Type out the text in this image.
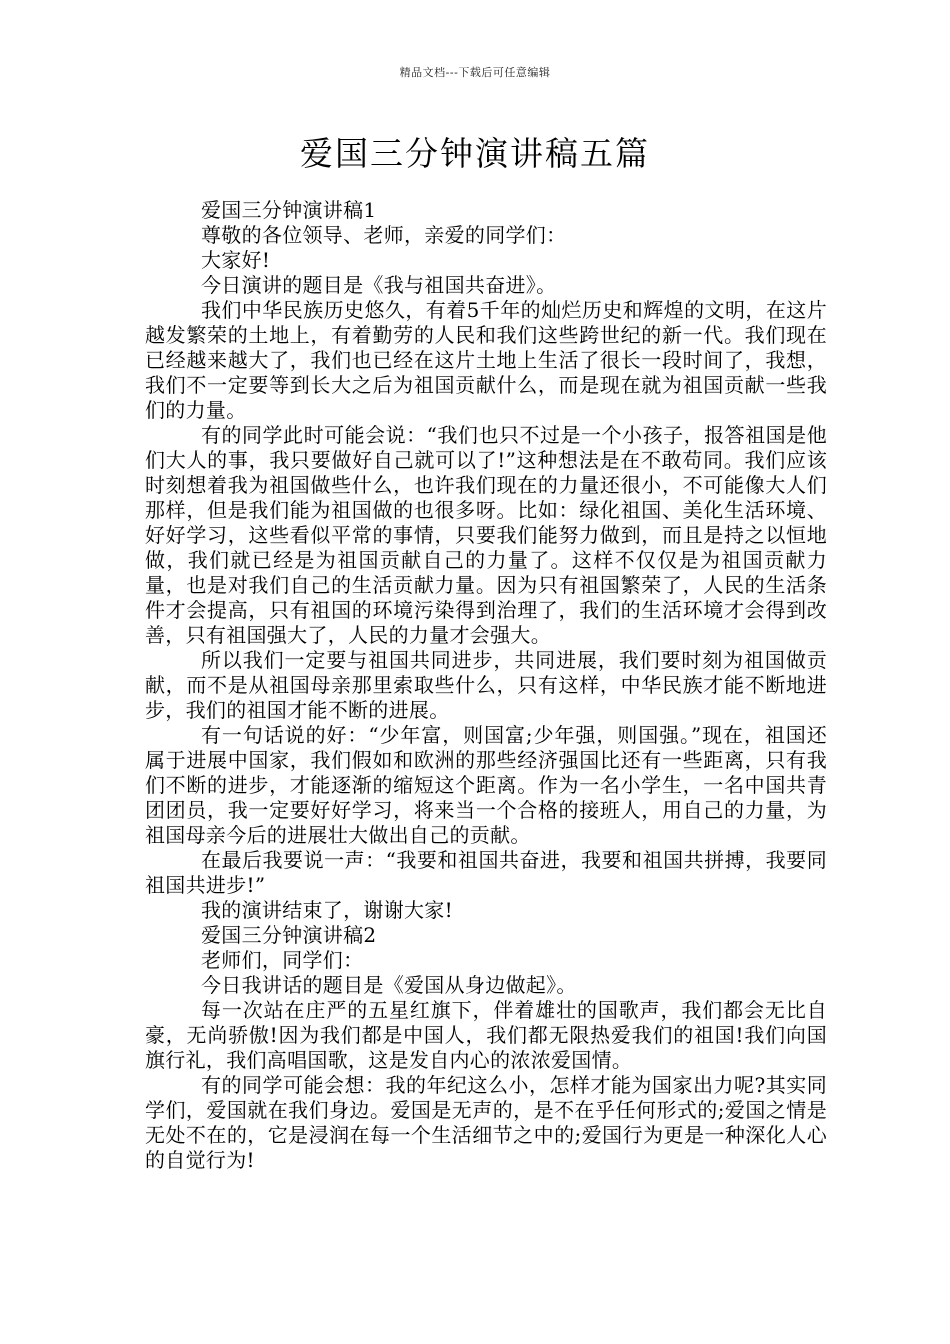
精品文档---下载后可任意编辑
爱国三分钟演讲稿五篇

爱国三分钟演讲稿1

尊敬的各位领导、老师，亲爱的同学们：

大家好!

今日演讲的题目是《我与祖国共奋进》。

我们中华民族历史悠久，有着5千年的灿烂历史和辉煌的文明，在这片越发繁荣的土地上，有着勤劳的人民和我们这些跨世纪的新一代。我们现在已经越来越大了，我们也已经在这片土地上生活了很长一段时间了，我想，我们不一定要等到长大之后为祖国贡献什么，而是现在就为祖国贡献一些我们的力量。

有的同学此时可能会说：“我们也只不过是一个小孩子，报答祖国是他们大人的事，我只要做好自己就可以了!”这种想法是在不敢苟同。我们应该时刻想着我为祖国做些什么，也许我们现在的力量还很小，不可能像大人们那样，但是我们能为祖国做的也很多呀。比如：绿化祖国、美化生活环境、好好学习，这些看似平常的事情，只要我们能努力做到，而且是持之以恒地做，我们就已经是为祖国贡献自己的力量了。这样不仅仅是为祖国贡献力量，也是对我们自己的生活贡献力量。因为只有祖国繁荣了，人民的生活条件才会提高，只有祖国的环境污染得到治理了，我们的生活环境才会得到改善，只有祖国强大了，人民的力量才会强大。

所以我们一定要与祖国共同进步，共同进展，我们要时刻为祖国做贡献，而不是从祖国母亲那里索取些什么，只有这样，中华民族才能不断地进步，我们的祖国才能不断的进展。

有一句话说的好：“少年富，则国富;少年强，则国强。”现在，祖国还属于进展中国家，我们假如和欧洲的那些经济强国比还有一些距离，只有我们不断的进步，才能逐渐的缩短这个距离。作为一名小学生，一名中国共青团团员，我一定要好好学习，将来当一个合格的接班人，用自己的力量，为祖国母亲今后的进展壮大做出自己的贡献。

在最后我要说一声：“我要和祖国共奋进，我要和祖国共拼搏，我要同祖国共进步!”

我的演讲结束了，谢谢大家!

爱国三分钟演讲稿2

老师们，同学们：

今日我讲话的题目是《爱国从身边做起》。

每一次站在庄严的五星红旗下，伴着雄壮的国歌声，我们都会无比自豪，无尚骄傲!因为我们都是中国人，我们都无限热爱我们的祖国!我们向国旗行礼，我们高唱国歌，这是发自内心的浓浓爱国情。

有的同学可能会想：我的年纪这么小，怎样才能为国家出力呢?其实同学们，爱国就在我们身边。爱国是无声的，是不在乎任何形式的;爱国之情是无处不在的，它是浸润在每一个生活细节之中的;爱国行为更是一种深化人心的自觉行为!
